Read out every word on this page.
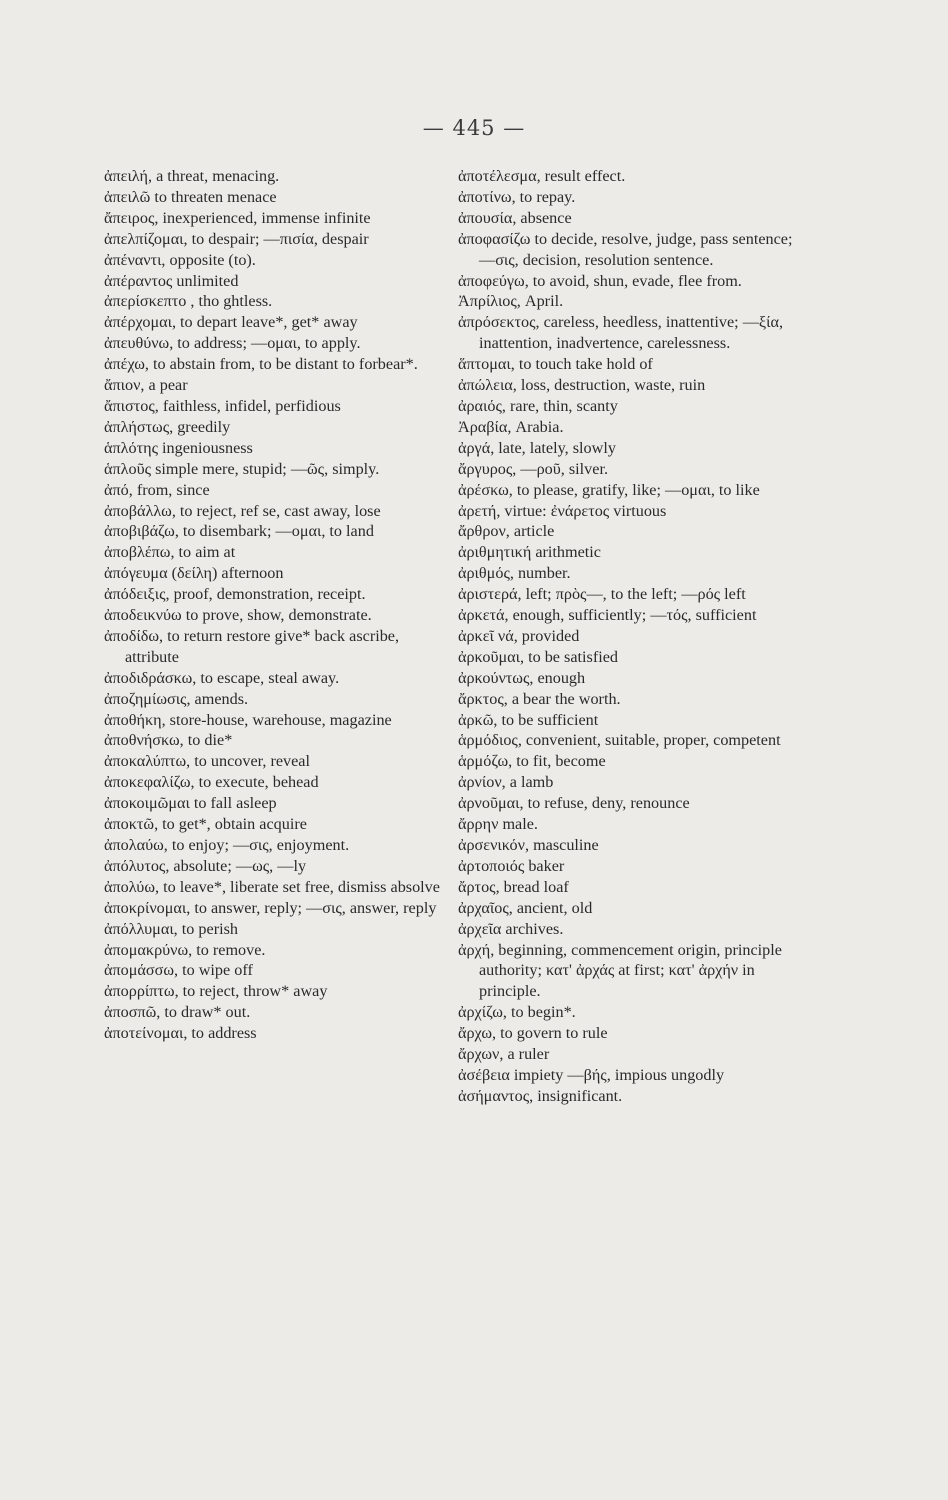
— 445 —
ἀπειλή, a threat, menacing.
ἀπειλῶ to threaten menace
ἄπειρος, inexperienced, immense infinite
ἀπελπίζομαι, to despair; —πισία, despair
ἀπέναντι, opposite (to).
ἀπέραντος unlimited
ἀπερίσκεπτο , tho ghtless.
ἀπέρχομαι, to depart leave*, get* away
ἀπευθύνω, to address; —ομαι, to apply.
ἀπέχω, to abstain from, to be distant to forbear*.
ἄπιον, a pear
ἄπιστος, faithless, infidel, perfidious
ἀπλήστως, greedily
ἁπλότης ingeniousness
ἁπλοῦς simple mere, stupid; —ῶς, simply.
ἀπό, from, since
ἀποβάλλω, to reject, ref se, cast away, lose
ἀποβιβάζω, to disembark; —ομαι, to land
ἀποβλέπω, to aim at
ἀπόγευμα (δείλη) afternoon
ἀπόδειξις, proof, demonstration, receipt.
ἀποδεικνύω to prove, show, demonstrate.
ἀποδίδω, to return restore give* back ascribe, attribute
ἀποδιδράσκω, to escape, steal away.
ἀποζημίωσις, amends.
ἀποθήκη, store-house, warehouse, magazine
ἀποθνήσκω, to die*
ἀποκαλύπτω, to uncover, reveal
ἀποκεφαλίζω, to execute, behead
ἀποκοιμῶμαι to fall asleep
ἀποκτῶ, to get*, obtain acquire
ἀπολαύω, to enjoy; —σις, enjoyment.
ἀπόλυτος, absolute; —ως, —ly
ἀπολύω, to leave*, liberate set free, dismiss absolve
ἀποκρίνομαι, to answer, reply; —σις, answer, reply
ἀπόλλυμαι, to perish
ἀπομακρύνω, to remove.
ἀπομάσσω, to wipe off
ἀπορρίπτω, to reject, throw* away
ἀποσπῶ, to draw* out.
ἀποτείνομαι, to address
ἀποτέλεσμα, result effect.
ἀποτίνω, to repay.
ἀπουσία, absence
ἀποφασίζω to decide, resolve, judge, pass sentence; —σις, decision, resolution sentence.
ἀποφεύγω, to avoid, shun, evade, flee from.
Ἀπρίλιος, April.
ἀπρόσεκτος, careless, heedless, inattentive; —ξία, inattention, inadvertence, carelessness.
ἅπτομαι, to touch take hold of
ἀπώλεια, loss, destruction, waste, ruin
ἀραιός, rare, thin, scanty
Ἀραβία, Arabia.
ἀργά, late, lately, slowly
ἄργυρος, —ροῦ, silver.
ἀρέσκω, to please, gratify, like; —ομαι, to like
ἀρετή, virtue: ἐνάρετος virtuous
ἄρθρον, article
ἀριθμητική arithmetic
ἀριθμός, number.
ἀριστερά, left; πρὸς—, to the left; —ρός left
ἀρκετά, enough, sufficiently; —τός, sufficient
ἀρκεῖ νά, provided
ἀρκοῦμαι, to be satisfied
ἀρκούντως, enough
ἄρκτος, a bear the worth.
ἀρκῶ, to be sufficient
ἁρμόδιος, convenient, suitable, proper, competent
ἁρμόζω, to fit, become
ἀρνίον, a lamb
ἀρνοῦμαι, to refuse, deny, renounce
ἄρρην male.
ἀρσενικόν, masculine
ἀρτοποιός baker
ἄρτος, bread loaf
ἀρχαῖος, ancient, old
ἀρχεῖα archives.
ἀρχή, beginning, commencement origin, principle authority; κατ' ἀρχάς at first; κατ' ἀρχήν in principle.
ἀρχίζω, to begin*.
ἄρχω, to govern to rule
ἄρχων, a ruler
ἀσέβεια impiety —βής, impious ungodly
ἀσήμαντος, insignificant.
